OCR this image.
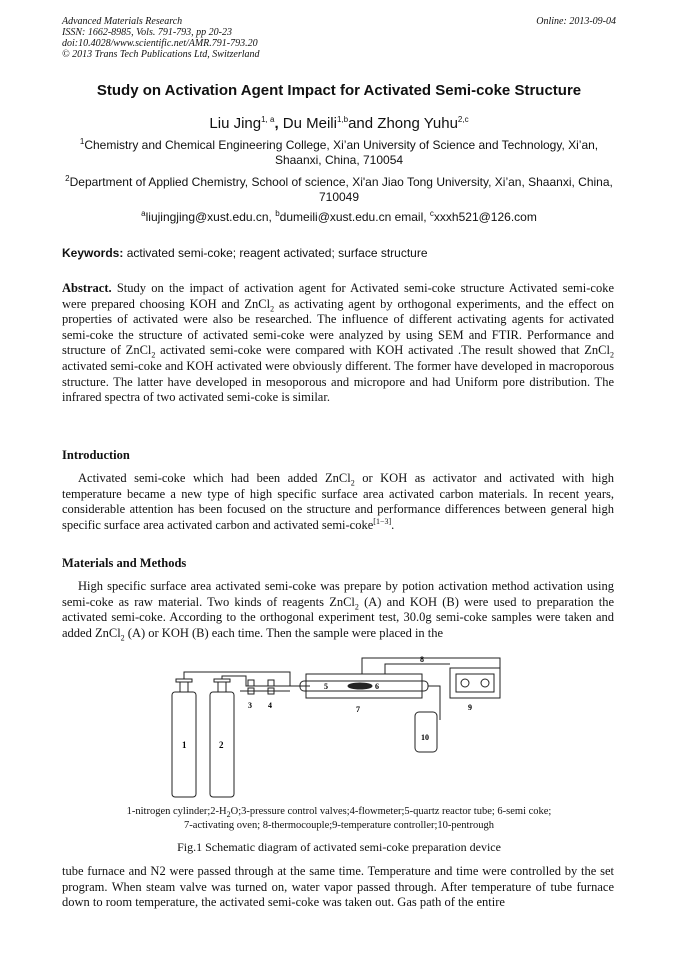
Advanced Materials Research
ISSN: 1662-8985, Vols. 791-793, pp 20-23
doi:10.4028/www.scientific.net/AMR.791-793.20
© 2013 Trans Tech Publications Ltd, Switzerland
Online: 2013-09-04
Study on Activation Agent Impact for Activated Semi-coke Structure
Liu Jing$^{1, a}$, Du Meili$^{1,b}$and Zhong Yuhu$^{2,c}$
$^1$Chemistry and Chemical Engineering College, Xi’an University of Science and Technology, Xi’an, Shaanxi, China, 710054
$^2$Department of Applied Chemistry, School of science, Xi'an Jiao Tong University, Xi’an, Shaanxi, China, 710049
$^a$liujingjing@xust.edu.cn, $^b$dumeili@xust.edu.cn email, $^c$xxxh521@126.com
Keywords: activated semi-coke; reagent activated; surface structure
Abstract. Study on the impact of activation agent for Activated semi-coke structure Activated semi-coke were prepared choosing KOH and ZnCl$_2$ as activating agent by orthogonal experiments, and the effect on properties of activated were also be researched. The influence of different activating agents for activated semi-coke the structure of activated semi-coke were analyzed by using SEM and FTIR. Performance and structure of ZnCl$_2$ activated semi-coke were compared with KOH activated .The result showed that ZnCl$_2$ activated semi-coke and KOH activated were obviously different. The former have developed in macroporous structure. The latter have developed in mesoporous and micropore and had Uniform pore distribution. The infrared spectra of two activated semi-coke is similar.
Introduction
Activated semi-coke which had been added ZnCl$_2$ or KOH as activator and activated with high temperature became a new type of high specific surface area activated carbon materials. In recent years, considerable attention has been focused on the structure and performance differences between general high specific surface area activated carbon and activated semi-coke[1−3].
Materials and Methods
High specific surface area activated semi-coke was prepare by potion activation method activation using semi-coke as raw material. Two kinds of reagents ZnCl$_2$ (A) and KOH (B) were used to preparation the activated semi-coke. According to the orthogonal experiment test, 30.0g semi-coke samples were taken and added ZnCl$_2$ (A) or KOH (B) each time. Then the sample were placed in the
1	2
3 4
5	6
7
8
9
10
1-nitrogen $cylinder;2-H_2O;3$-pressure control valves;4-flowmeter;5-quartz reactor tube; 6-semi coke;
7-activating oven; 8-thermocouple;9-temperature controller;10-pentrough
Fig.1 Schematic diagram of activated semi-coke preparation device
tube furnace and N2 were passed through at the same time. Temperature and time were controlled by the set program. When steam valve was turned on, water vapor passed through. After temperature of tube furnace down to room temperature, the activated semi-coke was taken out. Gas path of the entire
